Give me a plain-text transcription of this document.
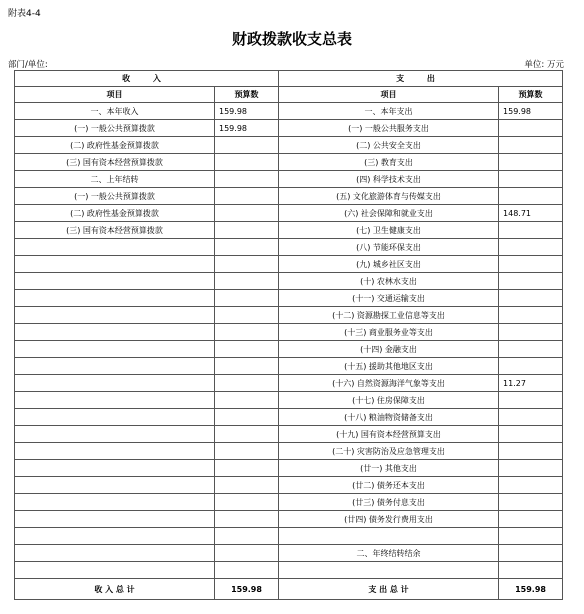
附表4-4
财政拨款收支总表
部门/单位:	单位: 万元
收 入		支 出	
项目	预算数	项目	预算数
一、本年收入	159.98	一、本年支出	159.98
(一) 一般公共预算拨款	159.98	(一) 一般公共服务支出	
(二) 政府性基金预算拨款		(二) 公共安全支出	
(三) 国有资本经营预算拨款		(三) 教育支出	
二、上年结转		(四) 科学技术支出	
(一) 一般公共预算拨款		(五) 文化旅游体育与传媒支出	
(二) 政府性基金预算拨款		(六) 社会保障和就业支出	148.71
(三) 国有资本经营预算拨款		(七) 卫生健康支出	
		(八) 节能环保支出	
		(九) 城乡社区支出	
		(十) 农林水支出	
		(十一) 交通运输支出	
		(十二) 资源勘探工业信息等支出	
		(十三) 商业服务业等支出	
		(十四) 金融支出	
		(十五) 援助其他地区支出	
		(十六) 自然资源海洋气象等支出	11.27
		(十七) 住房保障支出	
		(十八) 粮油物资储备支出	
		(十九) 国有资本经营预算支出	
		(二十) 灾害防治及应急管理支出	
		(廿一) 其他支出	
		(廿二) 债务还本支出	
		(廿三) 债务付息支出	
		(廿四) 债务发行费用支出	

		二、年终结转结余	

收 入 总 计	159.98	支 出 总 计	159.98
